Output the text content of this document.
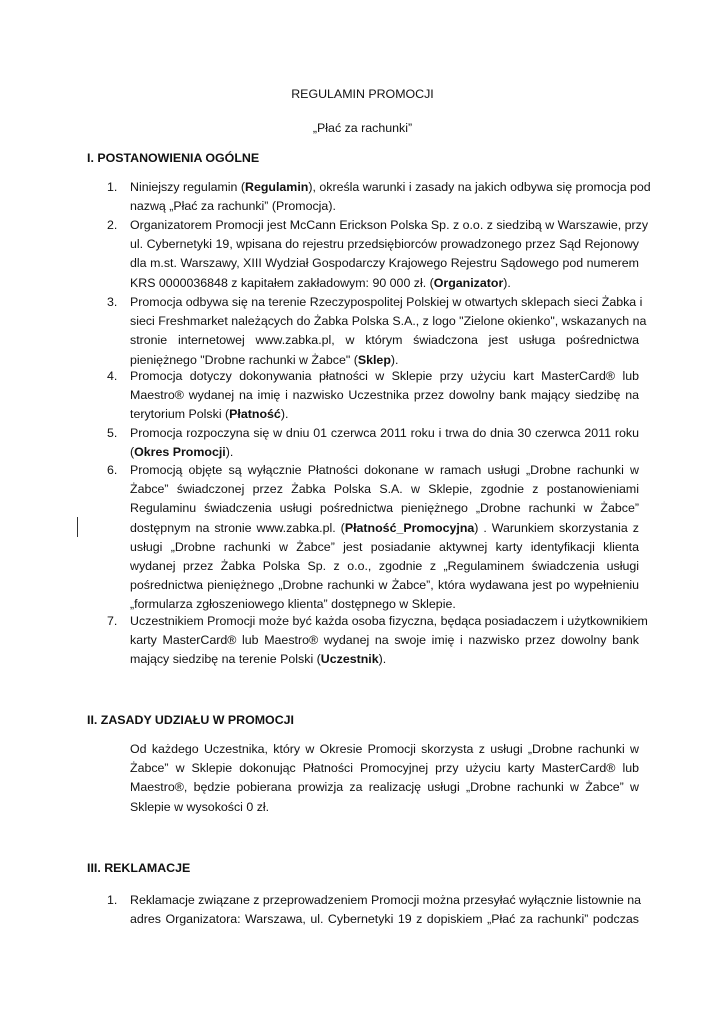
REGULAMIN PROMOCJI
„Płać za rachunki”
I. POSTANOWIENIA OGÓLNE
1. Niniejszy regulamin (Regulamin), określa warunki i zasady na jakich odbywa się promocja pod
nazwą „Płać za rachunki” (Promocja).
2. Organizatorem Promocji jest McCann Erickson Polska Sp. z o.o. z siedzibą w Warszawie, przy
ul. Cybernetyki 19, wpisana do rejestru przedsiębiorców prowadzonego przez Sąd Rejonowy
dla m.st. Warszawy, XIII Wydział Gospodarczy Krajowego Rejestru Sądowego pod numerem
KRS 0000036848 z kapitałem zakładowym: 90 000 zł. (Organizator).
3. Promocja odbywa się na terenie Rzeczypospolitej Polskiej w otwartych sklepach sieci Żabka i
sieci Freshmarket należących do Żabka Polska S.A., z logo "Zielone okienko", wskazanych na
stronie internetowej www.zabka.pl, w którym świadczona jest usługa pośrednictwa
pieniężnego "Drobne rachunki w Żabce" (Sklep).
4. Promocja dotyczy dokonywania płatności w Sklepie przy użyciu kart MasterCard® lub
Maestro® wydanej na imię i nazwisko Uczestnika przez dowolny bank mający siedzibę na
terytorium Polski (Płatność).
5. Promocja rozpoczyna się w dniu 01 czerwca 2011 roku i trwa do dnia 30 czerwca 2011 roku
(Okres Promocji).
6. Promocją objęte są wyłącznie Płatności dokonane w ramach usługi „Drobne rachunki w
Żabce” świadczonej przez Żabka Polska S.A. w Sklepie, zgodnie z postanowieniami
Regulaminu świadczenia usługi pośrednictwa pieniężnego „Drobne rachunki w Żabce”
dostępnym na stronie www.zabka.pl. (Płatność_Promocyjna) . Warunkiem skorzystania z
usługi „Drobne rachunki w Żabce” jest posiadanie aktywnej karty identyfikacji klienta
wydanej przez Żabka Polska Sp. z o.o., zgodnie z „Regulaminem świadczenia usługi
pośrednictwa pieniężnego „Drobne rachunki w Żabce”, która wydawana jest po wypełnieniu
„formularza zgłoszeniowego klienta” dostępnego w Sklepie.
7. Uczestnikiem Promocji może być każda osoba fizyczna, będąca posiadaczem i użytkownikiem
karty MasterCard® lub Maestro® wydanej na swoje imię i nazwisko przez dowolny bank
mający siedzibę na terenie Polski (Uczestnik).
II. ZASADY UDZIAŁU W PROMOCJI
Od każdego Uczestnika, który w Okresie Promocji skorzysta z usługi „Drobne rachunki w
Żabce” w Sklepie dokonując Płatności Promocyjnej przy użyciu karty MasterCard® lub
Maestro®, będzie pobierana prowizja za realizację usługi „Drobne rachunki w Żabce” w
Sklepie w wysokości 0 zł.
III. REKLAMACJE
1. Reklamacje związane z przeprowadzeniem Promocji można przesyłać wyłącznie listownie na
adres Organizatora: Warszawa, ul. Cybernetyki 19 z dopiskiem „Płać za rachunki” podczas
